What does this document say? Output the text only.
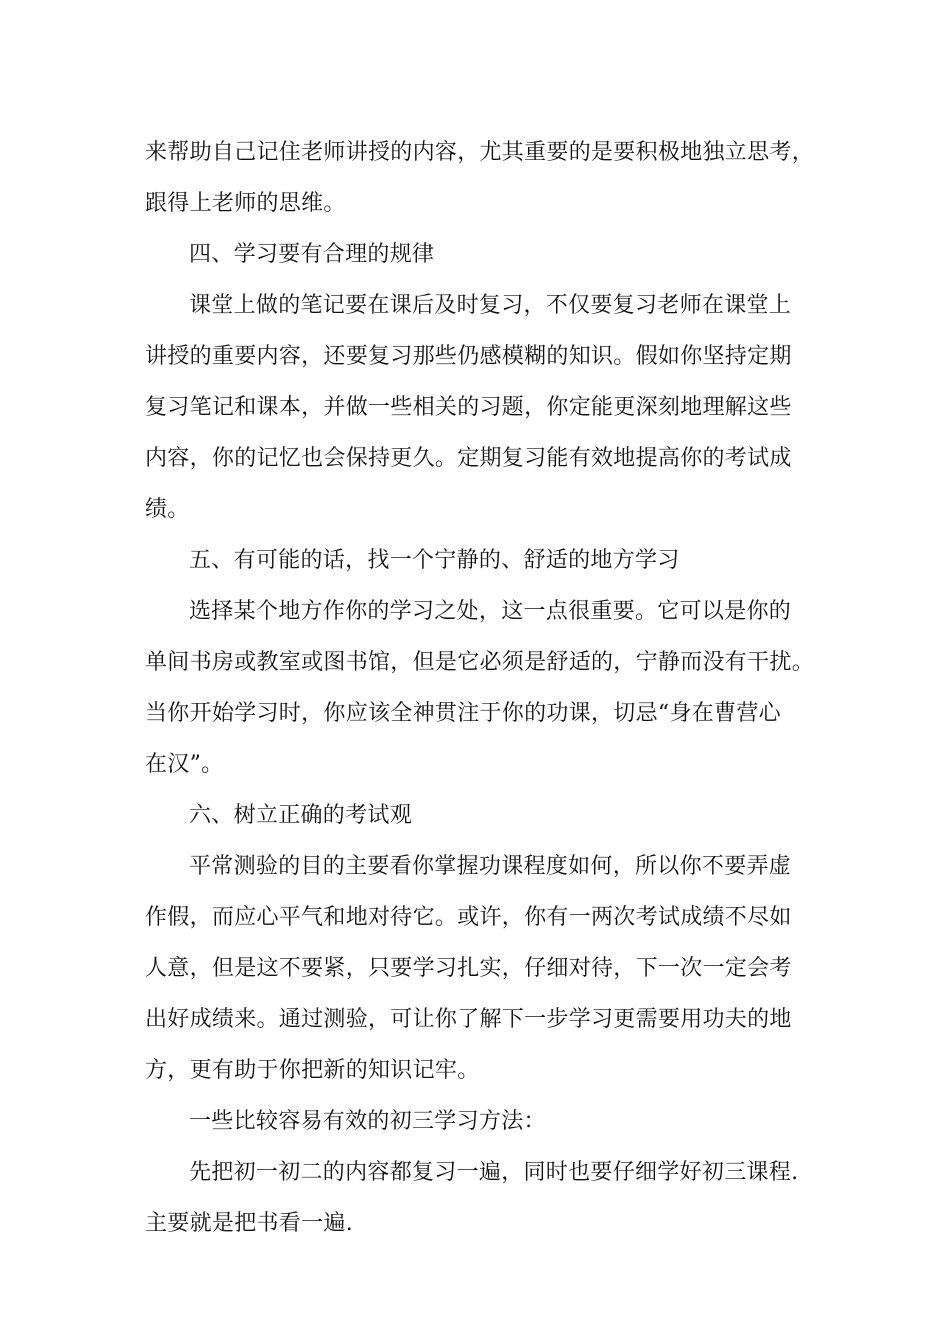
来帮助自己记住老师讲授的内容，尤其重要的是要积极地独立思考，
跟得上老师的思维。
四、学习要有合理的规律
课堂上做的笔记要在课后及时复习，不仅要复习老师在课堂上
讲授的重要内容，还要复习那些仍感模糊的知识。假如你坚持定期
复习笔记和课本，并做一些相关的习题，你定能更深刻地理解这些
内容，你的记忆也会保持更久。定期复习能有效地提高你的考试成
绩。
五、有可能的话，找一个宁静的、舒适的地方学习
选择某个地方作你的学习之处，这一点很重要。它可以是你的
单间书房或教室或图书馆，但是它必须是舒适的，宁静而没有干扰。
当你开始学习时，你应该全神贯注于你的功课，切忌“身在曹营心
在汉”。
六、树立正确的考试观
平常测验的目的主要看你掌握功课程度如何，所以你不要弄虚
作假，而应心平气和地对待它。或许，你有一两次考试成绩不尽如
人意，但是这不要紧，只要学习扎实，仔细对待，下一次一定会考
出好成绩来。通过测验，可让你了解下一步学习更需要用功夫的地
方，更有助于你把新的知识记牢。
一些比较容易有效的初三学习方法：
先把初一初二的内容都复习一遍，同时也要仔细学好初三课程.
主要就是把书看一遍.
